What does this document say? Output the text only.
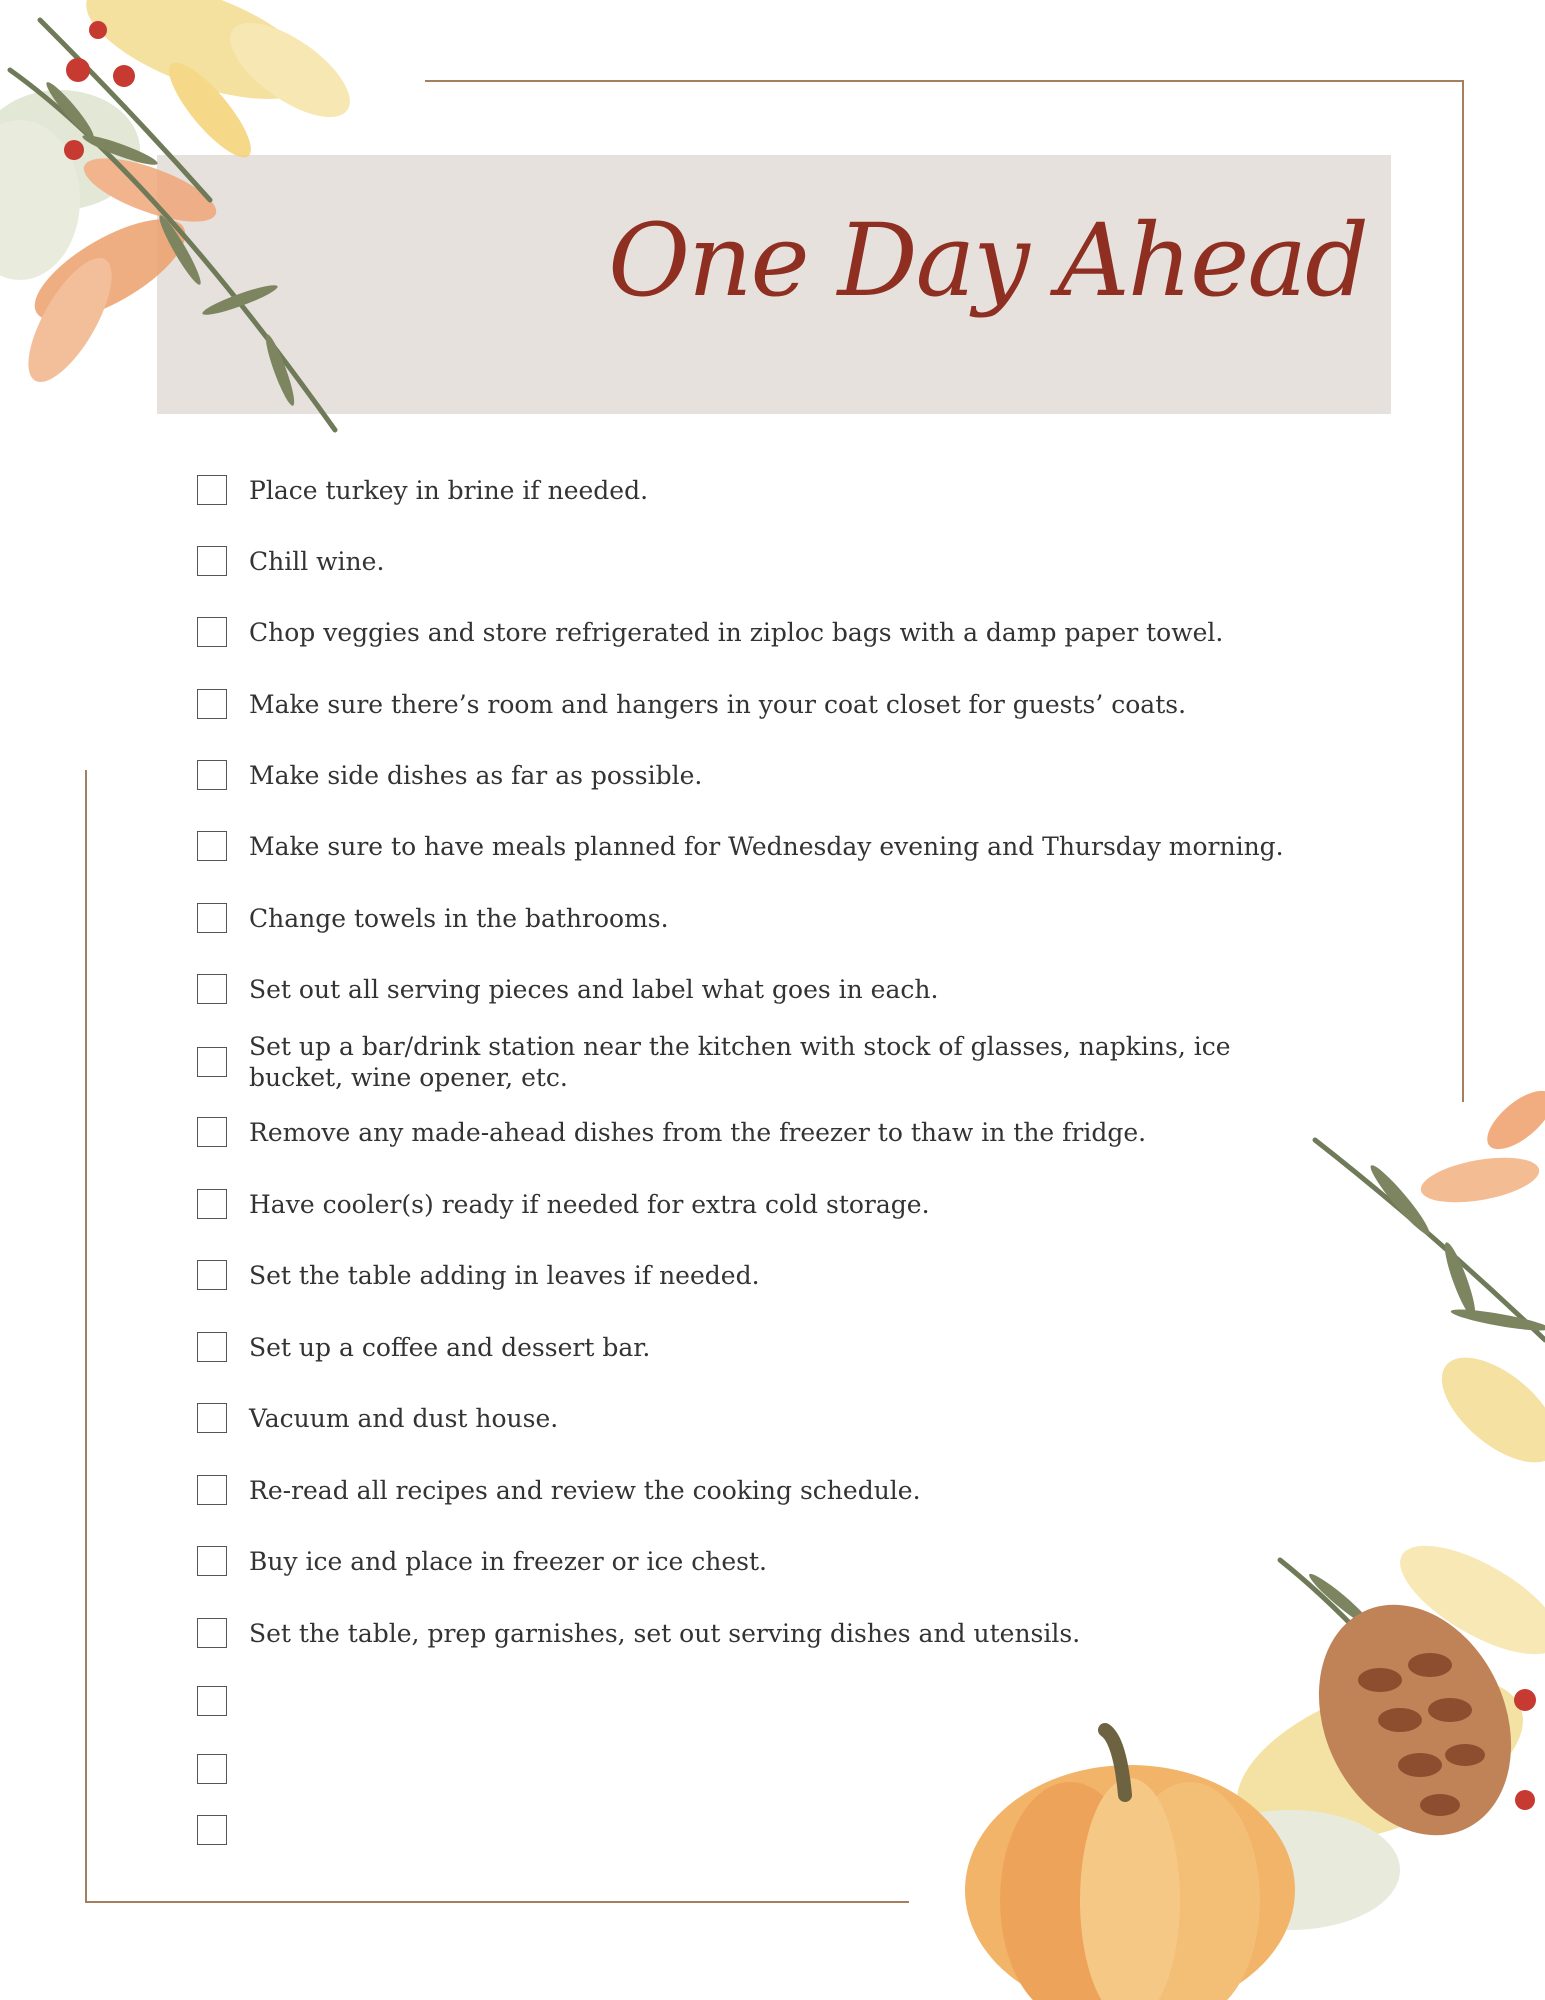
One Day Ahead
Place turkey in brine if needed.
Chill wine.
Chop veggies and store refrigerated in ziploc bags with a damp paper towel.
Make sure there’s room and hangers in your coat closet for guests’ coats.
Make side dishes as far as possible.
Make sure to have meals planned for Wednesday evening and Thursday morning.
Change towels in the bathrooms.
Set out all serving pieces and label what goes in each.
Set up a bar/drink station near the kitchen with stock of glasses, napkins, ice bucket, wine opener, etc.
Remove any made-ahead dishes from the freezer to thaw in the fridge.
Have cooler(s) ready if needed for extra cold storage.
Set the table adding in leaves if needed.
Set up a coffee and dessert bar.
Vacuum and dust house.
Re-read all recipes and review the cooking schedule.
Buy ice and place in freezer or ice chest.
Set the table, prep garnishes, set out serving dishes and utensils.
